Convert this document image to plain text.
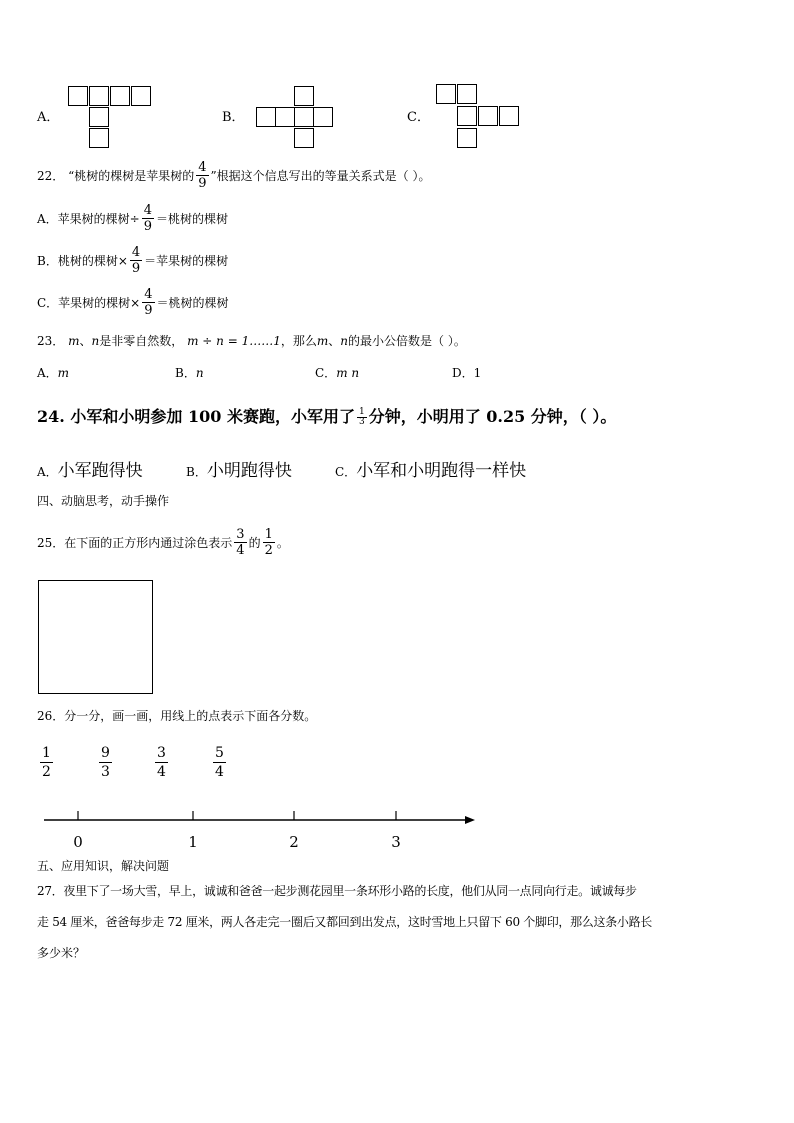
A．	B．	C．
22． “桃树的棵树是苹果树的 $\frac{4}{9}$ ”根据这个信息写出的等量关系式是（ ）。
A．苹果树的棵树÷ $\frac{4}{9}$ ＝桃树的棵树
B．桃树的棵树× $\frac{4}{9}$ ＝苹果树的棵树
C．苹果树的棵树× $\frac{4}{9}$ ＝桃树的棵树
23． m、n是非零自然数， m ÷ n = 1……1，那么m、n的最小公倍数是（ ）。
A．m	B．n	C．m n	D．1
24. 小军和小明参加 100 米赛跑，小军用了 $\frac{1}{3}$ 分钟，小明用了 0.25 分钟，（ ）。
A．小军跑得快	B．小明跑得快	C．小军和小明跑得一样快
四、动脑思考，动手操作
25．在下面的正方形内通过涂色表示 $\frac{3}{4}$ 的 $\frac{1}{2}$ 。
26．分一分，画一画，用线上的点表示下面各分数。
$\frac{1}{2}$	$\frac{9}{3}$	$\frac{3}{4}$	$\frac{5}{4}$
0	1	2	3
五、应用知识，解决问题
27．夜里下了一场大雪，早上，诚诚和爸爸一起步测花园里一条环形小路的长度，他们从同一点同向行走。诚诚每步
走 54 厘米，爸爸每步走 72 厘米，两人各走完一圈后又都回到出发点，这时雪地上只留下 60 个脚印，那么这条小路长
多少米？
